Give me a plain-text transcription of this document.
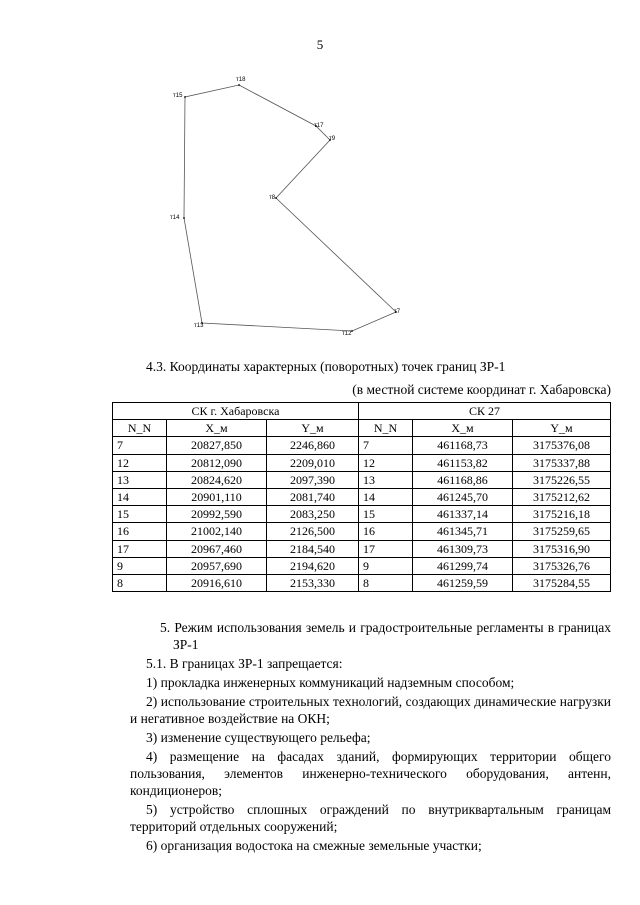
5
т18
т17
т9
т8
т7
т12
т13
т14
т15
4.3. Координаты характерных (поворотных) точек границ ЗР-1
(в местной системе координат г. Хабаровска)
СК г. Хабаровска			СК 27		
N_N	X_м	Y_м	N_N	X_м	Y_м
7	20827,850	2246,860	7	461168,73	3175376,08
12	20812,090	2209,010	12	461153,82	3175337,88
13	20824,620	2097,390	13	461168,86	3175226,55
14	20901,110	2081,740	14	461245,70	3175212,62
15	20992,590	2083,250	15	461337,14	3175216,18
16	21002,140	2126,500	16	461345,71	3175259,65
17	20967,460	2184,540	17	461309,73	3175316,90
9	20957,690	2194,620	9	461299,74	3175326,76
8	20916,610	2153,330	8	461259,59	3175284,55
5. Режим использования земель и градостроительные регламенты в границах ЗР-1
5.1. В границах ЗР-1 запрещается:
1) прокладка инженерных коммуникаций надземным способом;
2) использование строительных технологий, создающих динамические нагрузки и негативное воздействие на ОКН;
3) изменение существующего рельефа;
4) размещение на фасадах зданий, формирующих территории общего пользования, элементов инженерно-технического оборудования, антенн, кондиционеров;
5) устройство сплошных ограждений по внутриквартальным границам территорий отдельных сооружений;
6) организация водостока на смежные земельные участки;
